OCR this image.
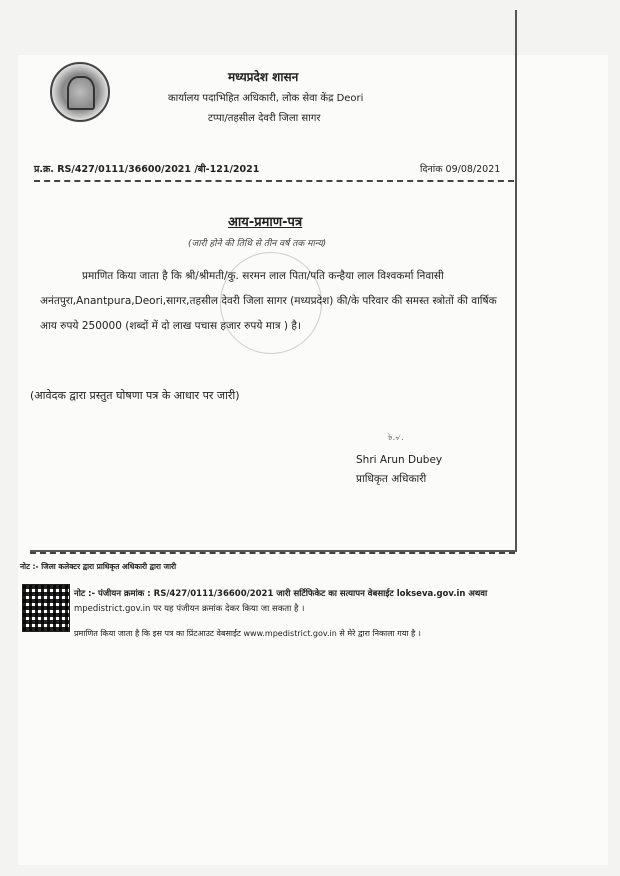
मध्यप्रदेश शासन
कार्यालय पदाभिहित अधिकारी, लोक सेवा केंद्र Deori
टप्पा/तहसील देवरी जिला सागर
प्र.क्र. RS/427/0111/36600/2021 /बी-121/2021	दिनांक 09/08/2021
आय-प्रमाण-पत्र
(जारी होने की तिथि से तीन वर्ष तक मान्य)
प्रमाणित किया जाता है कि श्री/श्रीमती/कु. सरमन लाल पिता/पति कन्हैया लाल विश्वकर्मा निवासी अनंतपुरा,Anantpura,Deori,सागर,तहसील देवरी जिला सागर (मध्यप्रदेश) की/के परिवार की समस्त स्त्रोतों की वार्षिक आय रुपये 250000 (शब्दों में दो लाख पचास हजार रुपये मात्र ) है।
(आवेदक द्वारा प्रस्तुत घोषणा पत्र के आधार पर जारी)
৳.৵.
Shri Arun Dubey
प्राधिकृत अधिकारी
नोट :- जिला कलेक्टर द्वारा प्राधिकृत अधिकारी द्वारा जारी
नोट :- पंजीयन क्रमांक : RS/427/0111/36600/2021 जारी सर्टिफिकेट का सत्यापन वेबसाईट lokseva.gov.in अथवा
mpedistrict.gov.in पर यह पंजीयन क्रमांक देकर किया जा सकता है ।
प्रमाणित किया जाता है कि इस पत्र का प्रिंटआउट वेबसाईट www.mpedistrict.gov.in से मेरे द्वारा निकाला गया है ।
